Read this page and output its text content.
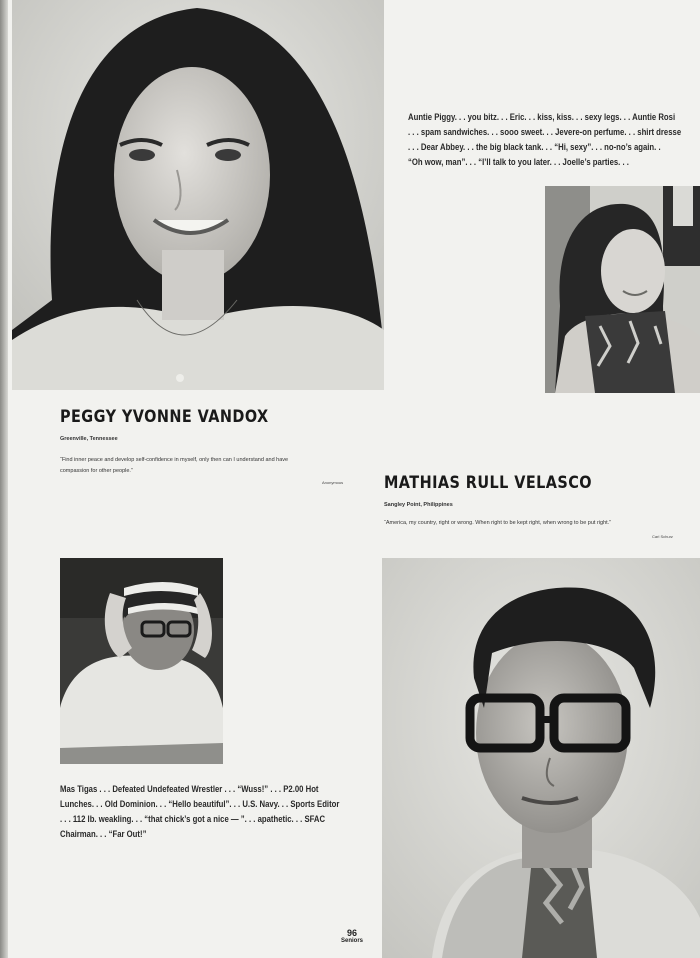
PEGGY YVONNE VANDOX
Greenville, Tennessee
“Find inner peace and develop self-confidence in myself, only then can I understand and have
compassion for other people.”
Anonymous
Auntie Piggy. . . you bitz. . . Eric. . . kiss, kiss. . . sexy legs. . . Auntie Rosi
. . . spam sandwiches. . . sooo sweet. . . Jevere-on perfume. . . shirt dresse
. . . Dear Abbey. . . the big black tank. . . “Hi, sexy”. . . no-no’s again. .
“Oh wow, man”. . . “I’ll talk to you later. . . Joelle’s parties. . .
MATHIAS RULL VELASCO
Sangley Point, Philippines
“America, my country, right or wrong. When right to be kept right, when wrong to be put right.”
Carl Schurz
Mas Tigas . . . Defeated Undefeated Wrestler . . . “Wuss!” . . . P2.00 Hot
Lunches. . . Old Dominion. . . “Hello beautiful”. . . U.S. Navy. . . Sports Editor
. . . 112 lb. weakling. . . “that chick’s got a nice — ”. . . apathetic. . . SFAC
Chairman. . . “Far Out!”
96
Seniors
